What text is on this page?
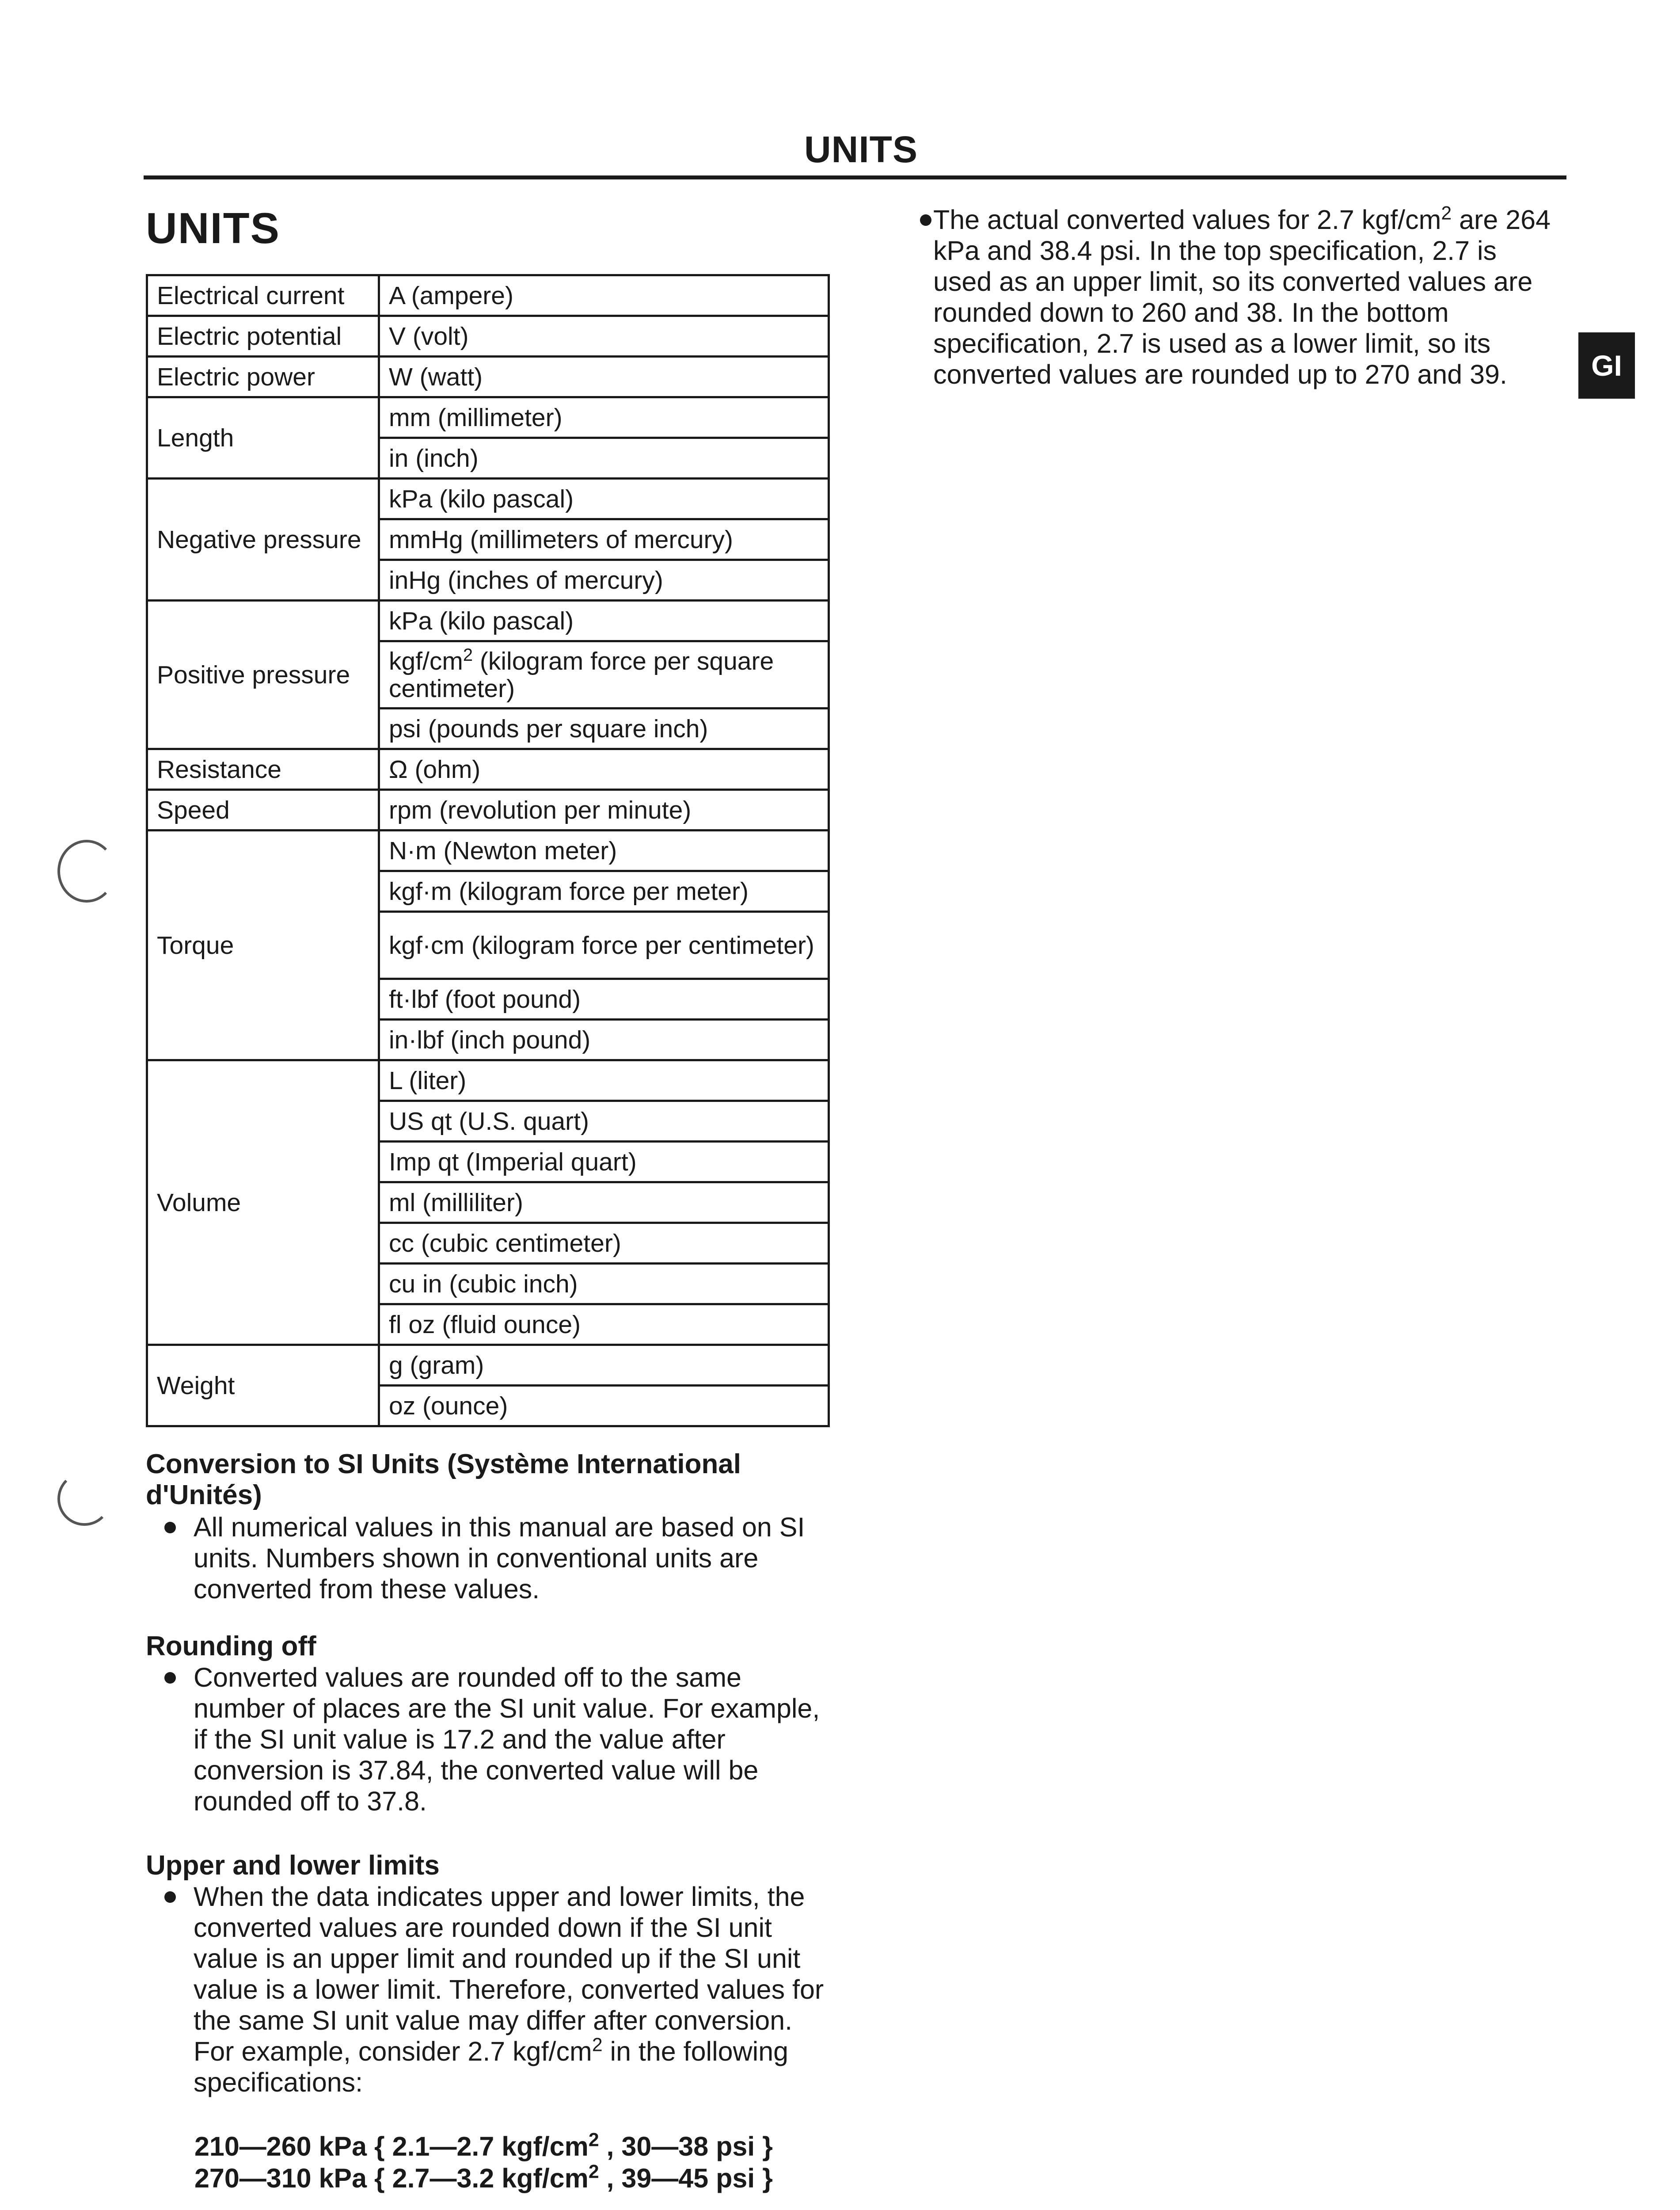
UNITS
UNITS
Electrical current	A (ampere)
Electric potential	V (volt)
Electric power	W (watt)
Length	mm (millimeter)
	in (inch)
Negative pressure	kPa (kilo pascal)
	mmHg (millimeters of mercury)
	inHg (inches of mercury)
Positive pressure	kPa (kilo pascal)
	kgf/$cm^2$ (kilogram force per square centimeter)
	psi (pounds per square inch)
Resistance	Ω (ohm)
Speed	rpm (revolution per minute)
Torque	N·m (Newton meter)
	kgf·m (kilogram force per meter)
	kgf·cm (kilogram force per centimeter)
	ft·lbf (foot pound)
	in·lbf (inch pound)
Volume	L (liter)
	US qt (U.S. quart)
	Imp qt (Imperial quart)
	ml (milliliter)
	cc (cubic centimeter)
	cu in (cubic inch)
	fl oz (fluid ounce)
Weight	g (gram)
	oz (ounce)
Conversion to SI Units (Système International d'Unités)
All numerical values in this manual are based on SI units. Numbers shown in conventional units are converted from these values.
Rounding off
Converted values are rounded off to the same number of places are the SI unit value. For example, if the SI unit value is 17.2 and the value after conversion is 37.84, the converted value will be rounded off to 37.8.
Upper and lower limits
When the data indicates upper and lower limits, the converted values are rounded down if the SI unit value is an upper limit and rounded up if the SI unit value is a lower limit. Therefore, converted values for the same SI unit value may differ after conversion. For example, consider 2.7 kgf/$cm^2$ in the following specifications:
210—260 kPa { 2.1—2.7 kgf/$cm^2$ , 30—38 psi }
270—310 kPa { 2.7—3.2 kgf/$cm^2$ , 39—45 psi }
The actual converted values for 2.7 kgf/$cm^2$ are 264 kPa and 38.4 psi. In the top specification, 2.7 is used as an upper limit, so its converted values are rounded down to 260 and 38. In the bottom specification, 2.7 is used as a lower limit, so its converted values are rounded up to 270 and 39.	GI
